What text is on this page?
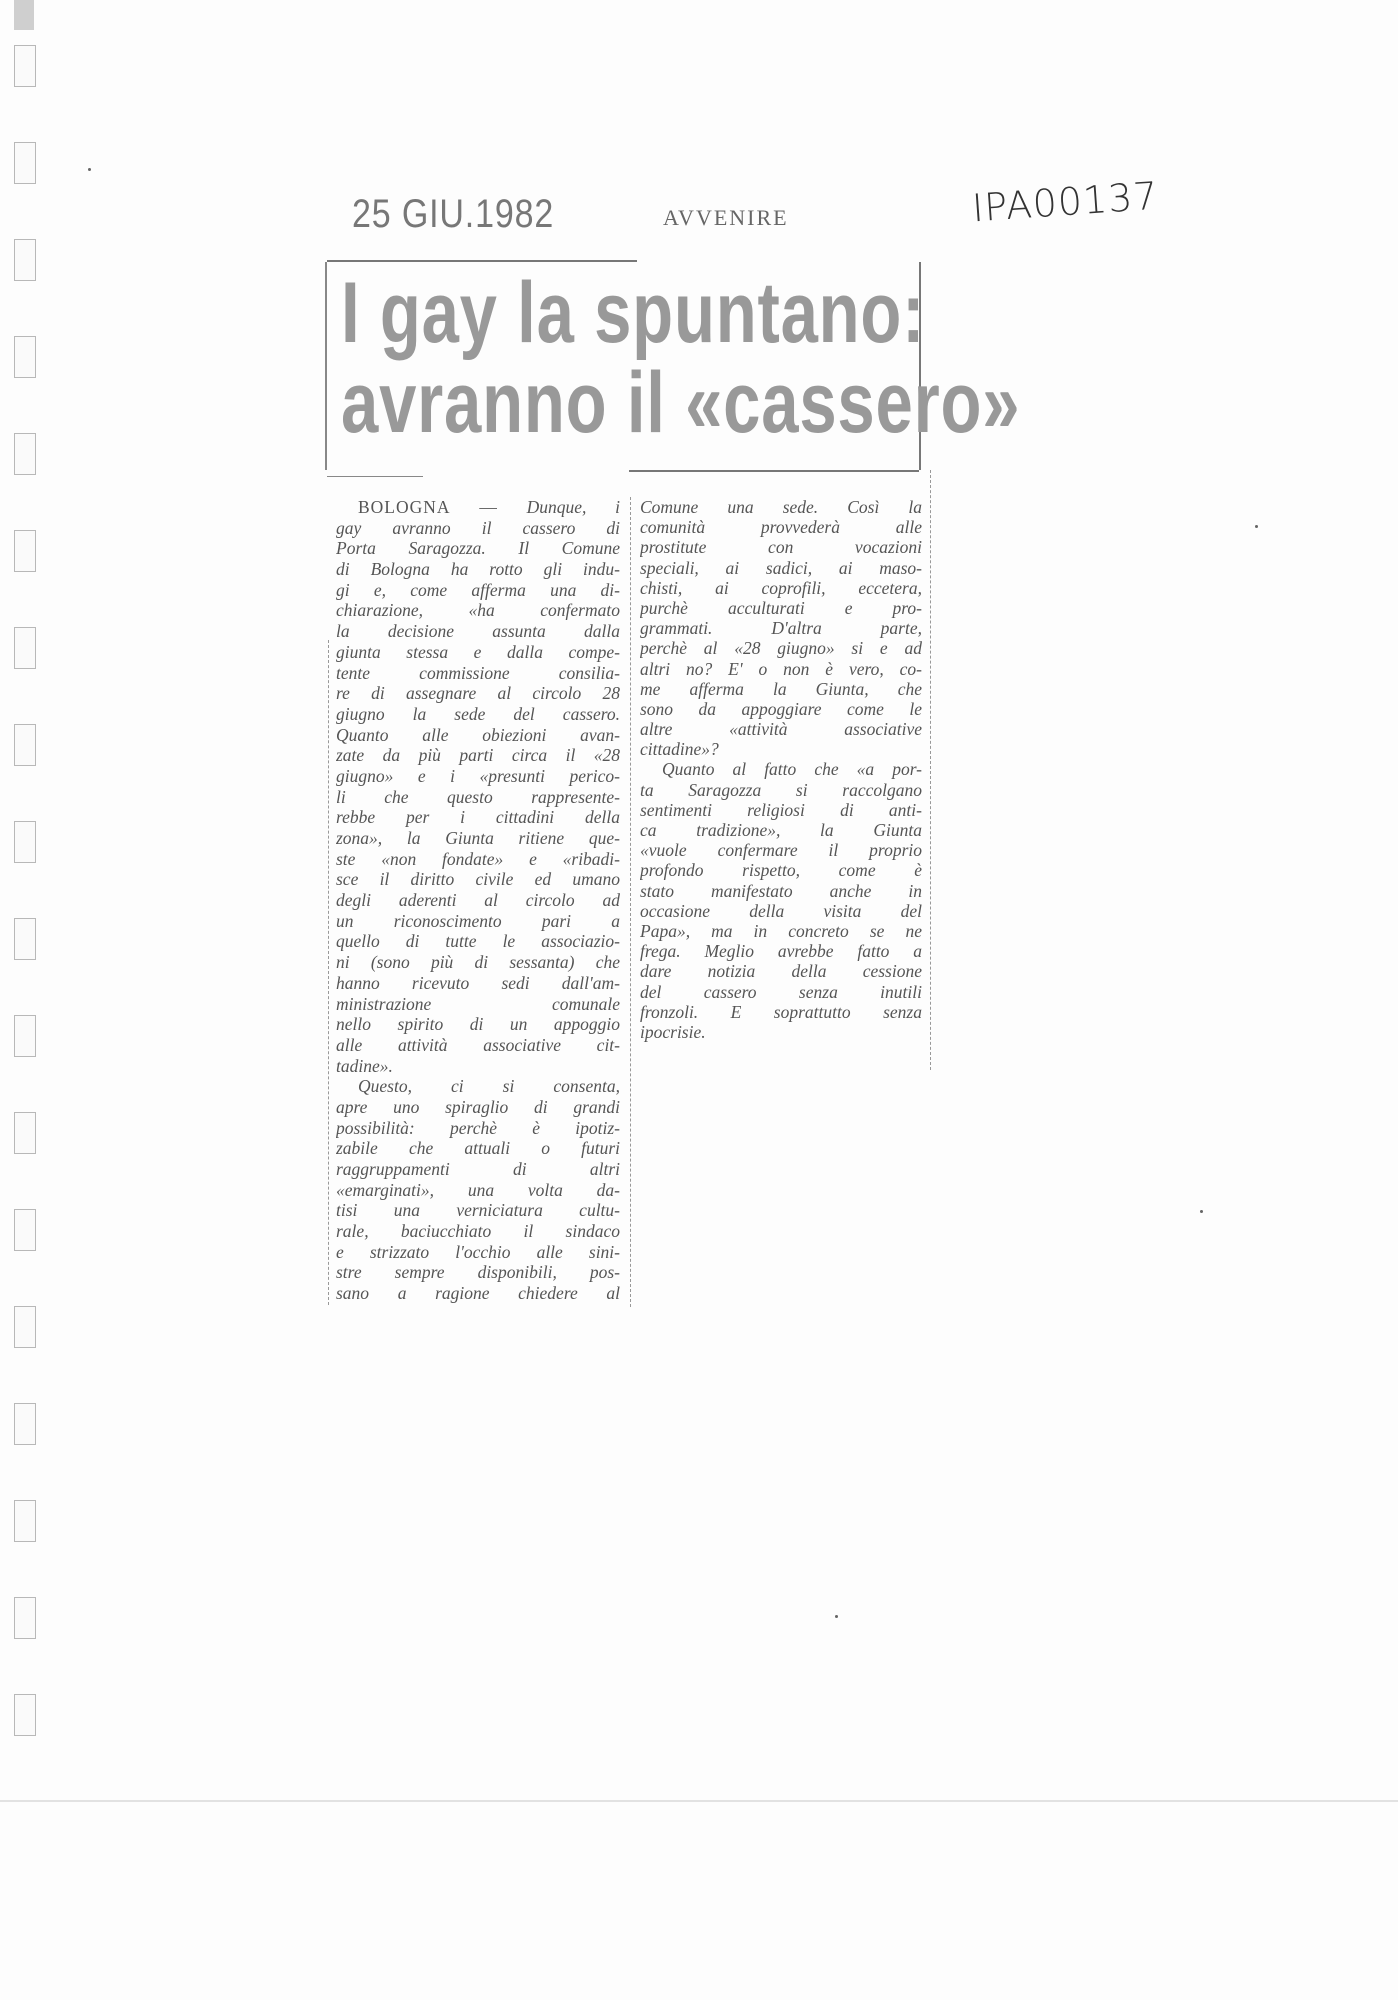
25 GIU.1982	AVVENIRE	IPA00137
I gay la spuntano:
avranno il «cassero»
BOLOGNA — Dunque, i
gay avranno il cassero di
Porta Saragozza. Il Comune
di Bologna ha rotto gli indu-
gi e, come afferma una di-
chiarazione, «ha confermato
la decisione assunta dalla
giunta stessa e dalla compe-
tente commissione consilia-
re di assegnare al circolo 28
giugno la sede del cassero.
Quanto alle obiezioni avan-
zate da più parti circa il «28
giugno» e i «presunti perico-
li che questo rappresente-
rebbe per i cittadini della
zona», la Giunta ritiene que-
ste «non fondate» e «ribadi-
sce il diritto civile ed umano
degli aderenti al circolo ad
un riconoscimento pari a
quello di tutte le associazio-
ni (sono più di sessanta) che
hanno ricevuto sedi dall'am-
ministrazione comunale
nello spirito di un appoggio
alle attività associative cit-
tadine».
Questo, ci si consenta,
apre uno spiraglio di grandi
possibilità: perchè è ipotiz-
zabile che attuali o futuri
raggruppamenti di altri
«emarginati», una volta da-
tisi una verniciatura cultu-
rale, baciucchiato il sindaco
e strizzato l'occhio alle sini-
stre sempre disponibili, pos-
sano a ragione chiedere al
Comune una sede. Così la
comunità provvederà alle
prostitute con vocazioni
speciali, ai sadici, ai maso-
chisti, ai coprofili, eccetera,
purchè acculturati e pro-
grammati. D'altra parte,
perchè al «28 giugno» si e ad
altri no? E' o non è vero, co-
me afferma la Giunta, che
sono da appoggiare come le
altre «attività associative
cittadine»?
Quanto al fatto che «a por-
ta Saragozza si raccolgano
sentimenti religiosi di anti-
ca tradizione», la Giunta
«vuole confermare il proprio
profondo rispetto, come è
stato manifestato anche in
occasione della visita del
Papa», ma in concreto se ne
frega. Meglio avrebbe fatto a
dare notizia della cessione
del cassero senza inutili
fronzoli. E soprattutto senza
ipocrisie.
